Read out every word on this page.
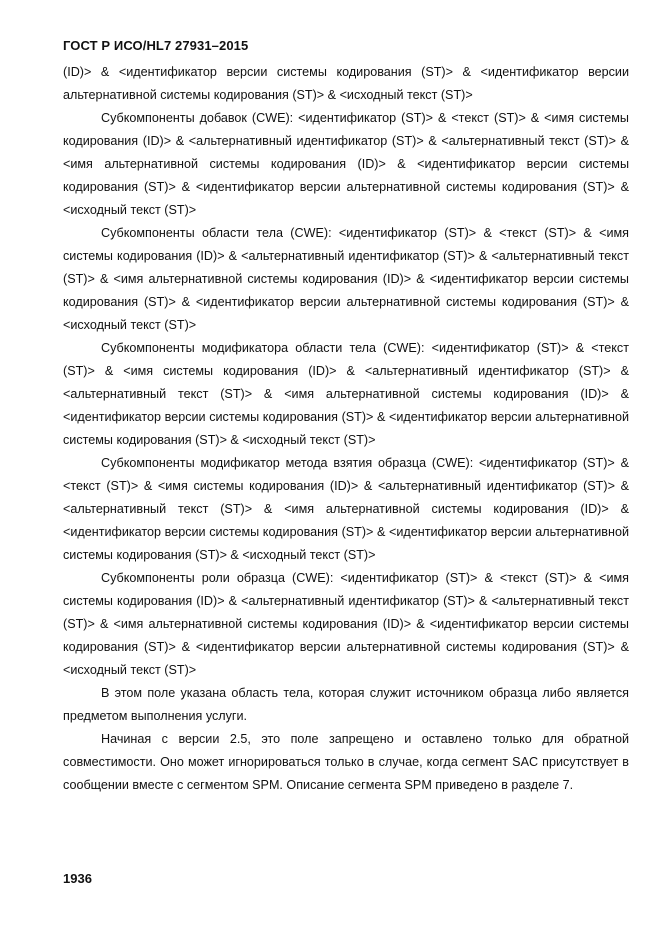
ГОСТ Р ИСО/HL7 27931–2015

(ID)> & <идентификатор версии системы кодирования (ST)> & <идентификатор версии альтернативной системы кодирования (ST)> & <исходный текст (ST)>

Субкомпоненты добавок (CWE): <идентификатор (ST)> & <текст (ST)> & <имя системы кодирования (ID)> & <альтернативный идентификатор (ST)> & <альтернативный текст (ST)> & <имя альтернативной системы кодирования (ID)> & <идентификатор версии системы кодирования (ST)> & <идентификатор версии альтернативной системы кодирования (ST)> & <исходный текст (ST)>

Субкомпоненты области тела (CWE): <идентификатор (ST)> & <текст (ST)> & <имя системы кодирования (ID)> & <альтернативный идентификатор (ST)> & <альтернативный текст (ST)> & <имя альтернативной системы кодирования (ID)> & <идентификатор версии системы кодирования (ST)> & <идентификатор версии альтернативной системы кодирования (ST)> & <исходный текст (ST)>

Субкомпоненты модификатора области тела (CWE): <идентификатор (ST)> & <текст (ST)> & <имя системы кодирования (ID)> & <альтернативный идентификатор (ST)> & <альтернативный текст (ST)> & <имя альтернативной системы кодирования (ID)> & <идентификатор версии системы кодирования (ST)> & <идентификатор версии альтернативной системы кодирования (ST)> & <исходный текст (ST)>

Субкомпоненты модификатор метода взятия образца (CWE): <идентификатор (ST)> & <текст (ST)> & <имя системы кодирования (ID)> & <альтернативный идентификатор (ST)> & <альтернативный текст (ST)> & <имя альтернативной системы кодирования (ID)> & <идентификатор версии системы кодирования (ST)> & <идентификатор версии альтернативной системы кодирования (ST)> & <исходный текст (ST)>

Субкомпоненты роли образца (CWE): <идентификатор (ST)> & <текст (ST)> & <имя системы кодирования (ID)> & <альтернативный идентификатор (ST)> & <альтернативный текст (ST)> & <имя альтернативной системы кодирования (ID)> & <идентификатор версии системы кодирования (ST)> & <идентификатор версии альтернативной системы кодирования (ST)> & <исходный текст (ST)>

В этом поле указана область тела, которая служит источником образца либо является предметом выполнения услуги.

Начиная с версии 2.5, это поле запрещено и оставлено только для обратной совместимости. Оно может игнорироваться только в случае, когда сегмент SAC присутствует в сообщении вместе с сегментом SPM. Описание сегмента SPM приведено в разделе 7.

1936
